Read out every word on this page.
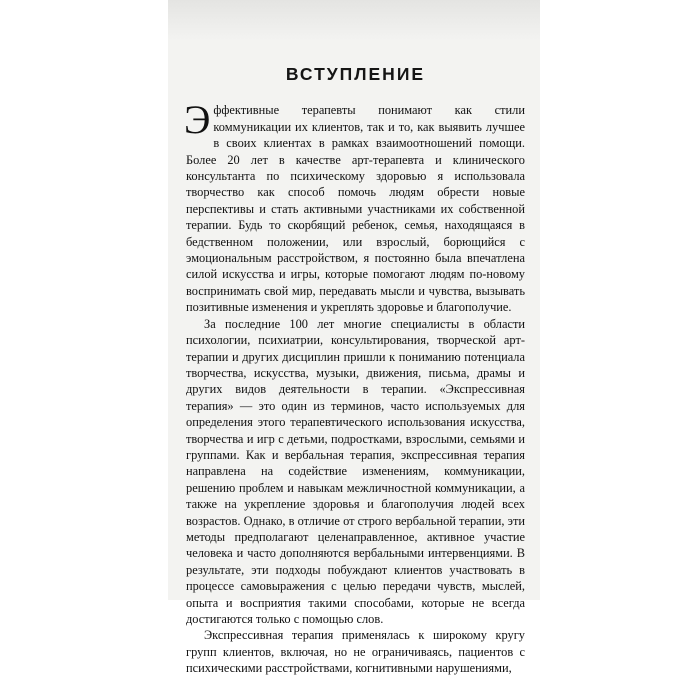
ВСТУПЛЕНИЕ

Эффективные терапевты понимают как стили коммуникации их клиентов, так и то, как выявить лучшее в своих клиентах в рамках взаимоотношений помощи. Более 20 лет в качестве арт-терапевта и клинического консультанта по психическому здоровью я использовала творчество как способ помочь людям обрести новые перспективы и стать активными участниками их собственной терапии. Будь то скорбящий ребенок, семья, находящаяся в бедственном положении, или взрослый, борющийся с эмоциональным расстройством, я постоянно была впечатлена силой искусства и игры, которые помогают людям по-новому воспринимать свой мир, передавать мысли и чувства, вызывать позитивные изменения и укреплять здоровье и благополучие.

За последние 100 лет многие специалисты в области психологии, психиатрии, консультирования, творческой арт-терапии и других дисциплин пришли к пониманию потенциала творчества, искусства, музыки, движения, письма, драмы и других видов деятельности в терапии. «Экспрессивная терапия» — это один из терминов, часто используемых для определения этого терапевтического использования искусства, творчества и игр с детьми, подростками, взрослыми, семьями и группами. Как и вербальная терапия, экспрессивная терапия направлена на содействие изменениям, коммуникации, решению проблем и навыкам межличностной коммуникации, а также на укрепление здоровья и благополучия людей всех возрастов. Однако, в отличие от строго вербальной терапии, эти методы предполагают целенаправленное, активное участие человека и часто дополняются вербальными интервенциями. В результате, эти подходы побуждают клиентов участвовать в процессе самовыражения с целью передачи чувств, мыслей, опыта и восприятия такими способами, которые не всегда достигаются только с помощью слов.

Экспрессивная терапия применялась к широкому кругу групп клиентов, включая, но не ограничиваясь, пациентов с психическими расстройствами, когнитивными нарушениями,
